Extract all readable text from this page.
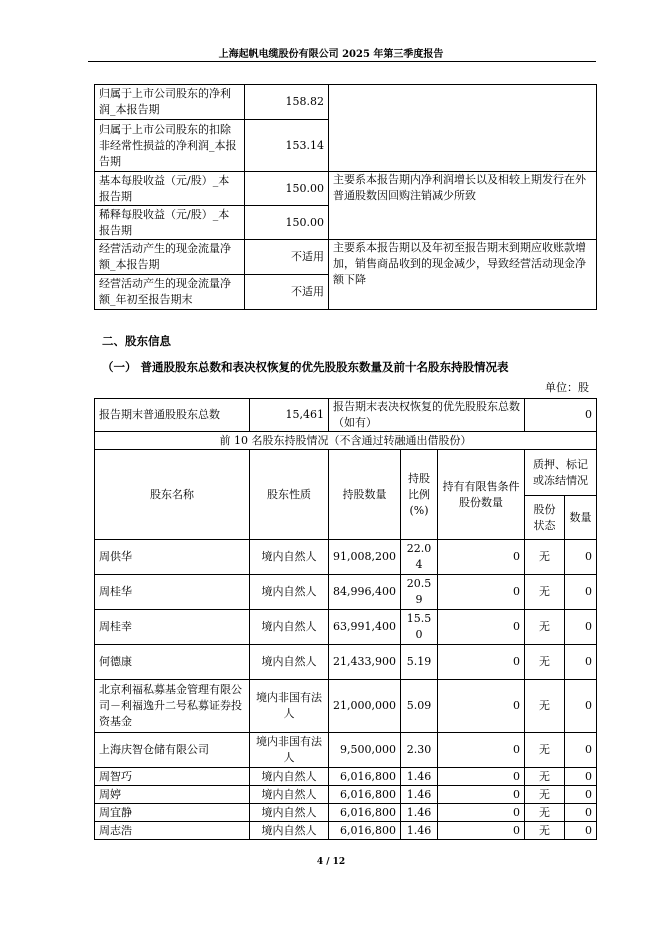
上海起帆电缆股份有限公司 2025 年第三季度报告
归属于上市公司股东的净利润_本报告期	158.82	
归属于上市公司股东的扣除非经常性损益的净利润_本报告期	153.14	
基本每股收益（元/股）_本报告期	150.00	主要系本报告期内净利润增长以及相较上期发行在外普通股数因回购注销减少所致
稀释每股收益（元/股）_本报告期	150.00	
经营活动产生的现金流量净额_本报告期	不适用	主要系本报告期以及年初至报告期末到期应收账款增加，销售商品收到的现金减少，导致经营活动现金净额下降
经营活动产生的现金流量净额_年初至报告期末	不适用	
二、股东信息
（一） 普通股股东总数和表决权恢复的优先股股东数量及前十名股东持股情况表
单位：股
报告期末普通股股东总数	15,461	报告期末表决权恢复的优先股股东总数（如有）			0	
前 10 名股东持股情况（不含通过转融通出借股份）						
股东名称	股东性质	持股数量	持股比例(%)	持有有限售条件股份数量	质押、标记或冻结情况	
					股份状态	数量
周供华	境内自然人	91,008,200	22.04	0	无	0
周桂华	境内自然人	84,996,400	20.59	0	无	0
周桂幸	境内自然人	63,991,400	15.50	0	无	0
何德康	境内自然人	21,433,900	5.19	0	无	0
北京利福私募基金管理有限公司－利福逸升二号私募证券投资基金	境内非国有法人	21,000,000	5.09	0	无	0
上海庆智仓储有限公司	境内非国有法人	9,500,000	2.30	0	无	0
周智巧	境内自然人	6,016,800	1.46	0	无	0
周婷	境内自然人	6,016,800	1.46	0	无	0
周宜静	境内自然人	6,016,800	1.46	0	无	0
周志浩	境内自然人	6,016,800	1.46	0	无	0
4 / 12
